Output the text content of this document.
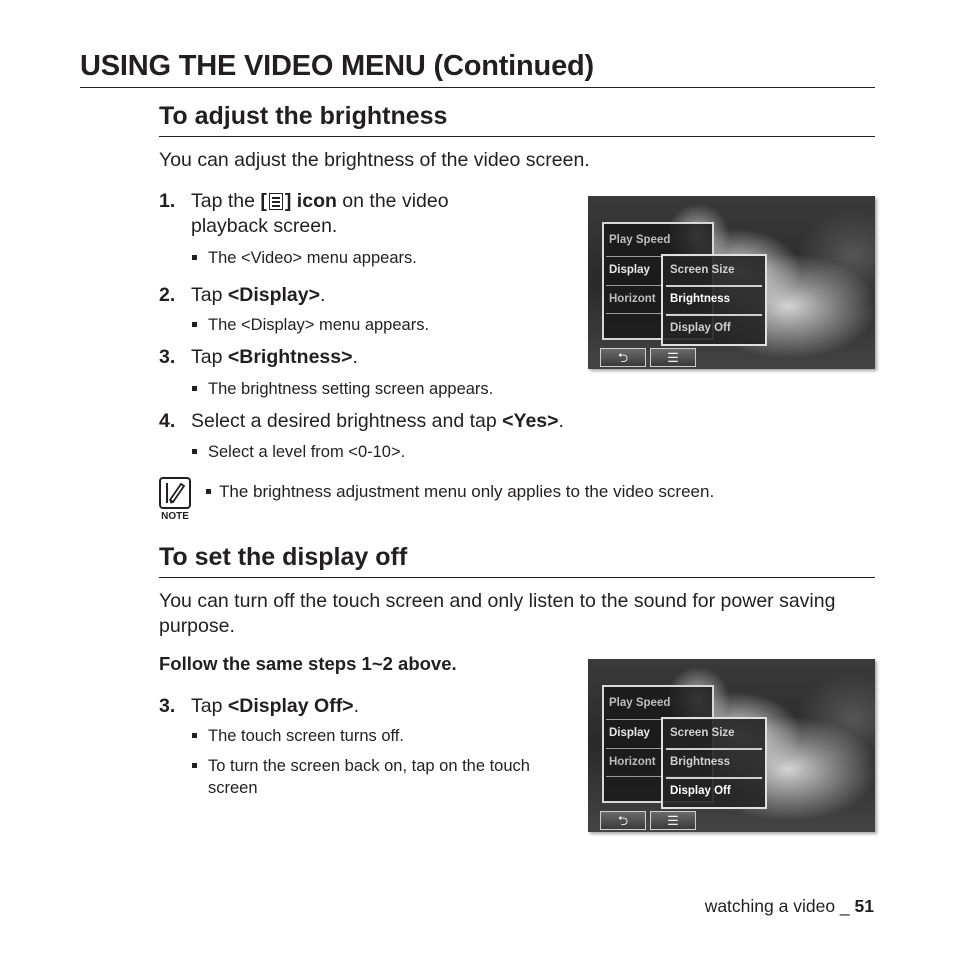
USING THE VIDEO MENU (Continued)
To adjust the brightness
You can adjust the brightness of the video screen.
1. Tap the [ ] icon on the video
playback screen.
The <Video> menu appears.
2. Tap <Display>.
The <Display> menu appears.
3. Tap <Brightness>.
The brightness setting screen appears.
4. Select a desired brightness and tap <Yes>.
Select a level from <0-10>.
NOTE
The brightness adjustment menu only applies to the video screen.
To set the display off
You can turn off the touch screen and only listen to the sound for power saving purpose.
Follow the same steps 1~2 above.
3. Tap <Display Off>.
The touch screen turns off.
To turn the screen back on, tap on the touch screen
Play Speed
Display
Horizont
Screen Size
Brightness
Display Off
⮌	☰
Play Speed
Display
Horizont
Screen Size
Brightness
Display Off
⮌	☰
watching a video _ 51
